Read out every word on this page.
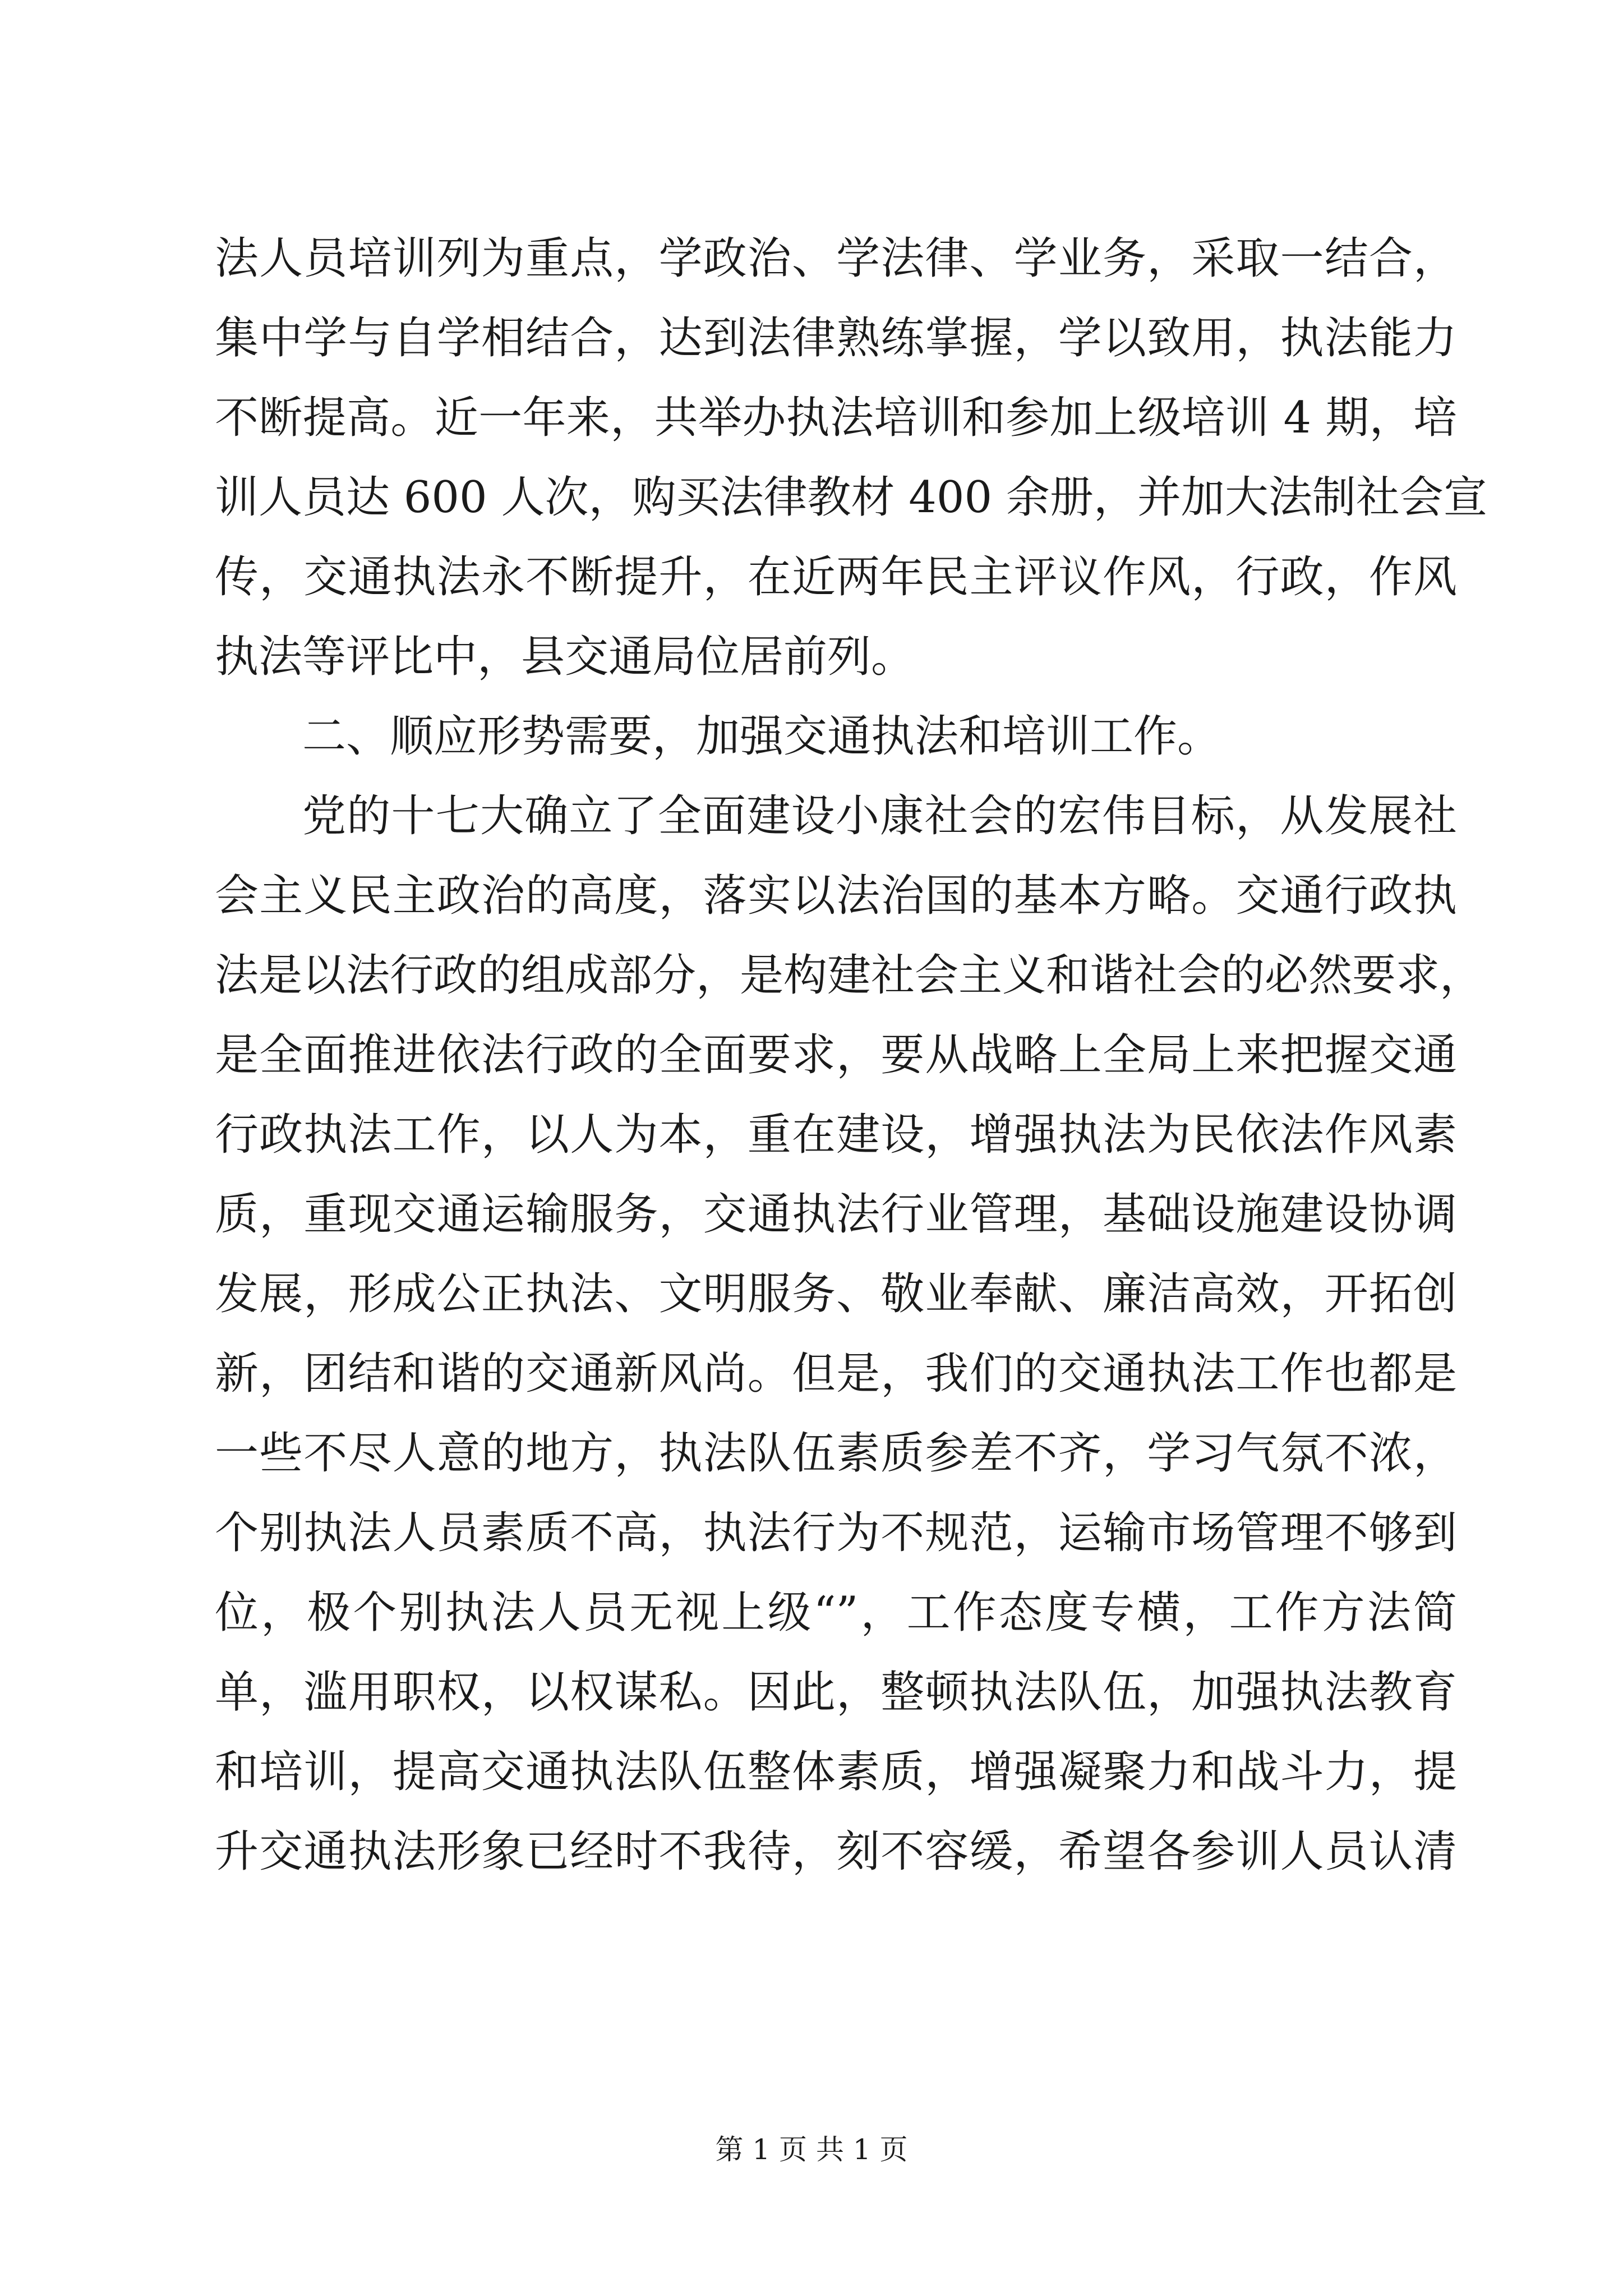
法人员培训列为重点，学政治、学法律、学业务，采取一结合，
集中学与自学相结合，达到法律熟练掌握，学以致用，执法能力
不断提高。近一年来，共举办执法培训和参加上级培训 4 期，培
训人员达 600 人次，购买法律教材 400 余册，并加大法制社会宣
传，交通执法永不断提升，在近两年民主评议作风，行政，作风
执法等评比中，县交通局位居前列。
二、顺应形势需要，加强交通执法和培训工作。
党的十七大确立了全面建设小康社会的宏伟目标，从发展社
会主义民主政治的高度，落实以法治国的基本方略。交通行政执
法是以法行政的组成部分，是构建社会主义和谐社会的必然要求，
是全面推进依法行政的全面要求，要从战略上全局上来把握交通
行政执法工作，以人为本，重在建设，增强执法为民依法作风素
质，重现交通运输服务，交通执法行业管理，基础设施建设协调
发展，形成公正执法、文明服务、敬业奉献、廉洁高效，开拓创
新，团结和谐的交通新风尚。但是，我们的交通执法工作也都是
一些不尽人意的地方，执法队伍素质参差不齐，学习气氛不浓，
个别执法人员素质不高，执法行为不规范，运输市场管理不够到
位，极个别执法人员无视上级“”，工作态度专横，工作方法简
单，滥用职权，以权谋私。因此，整顿执法队伍，加强执法教育
和培训，提高交通执法队伍整体素质，增强凝聚力和战斗力，提
升交通执法形象已经时不我待，刻不容缓，希望各参训人员认清
第 1 页 共 1 页
